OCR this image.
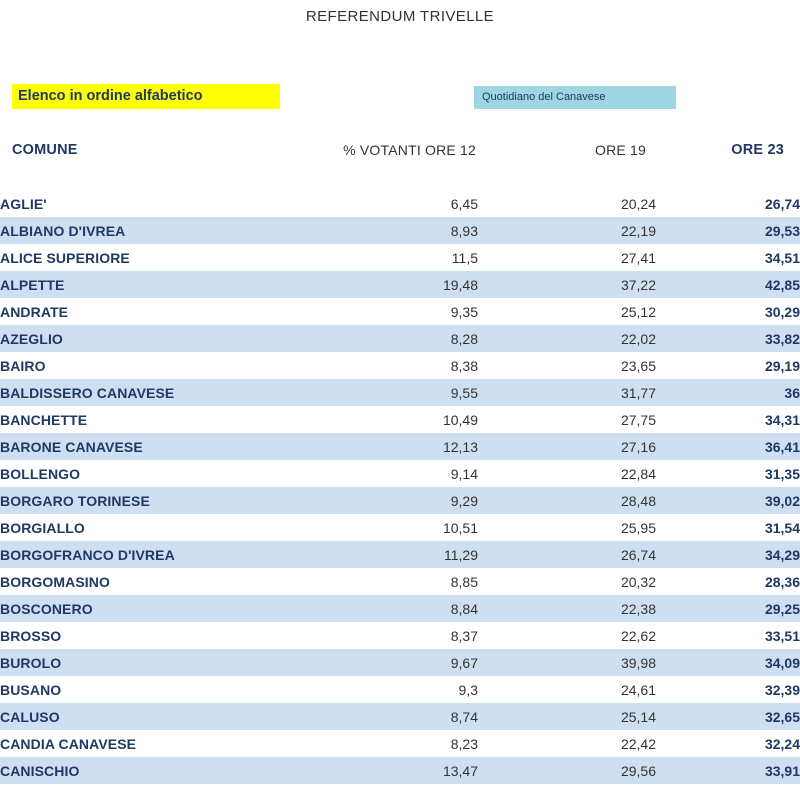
REFERENDUM TRIVELLE
Elenco in ordine alfabetico	Quotidiano del Canavese
COMUNE	% VOTANTI ORE 12	ORE 19	ORE 23

AGLIE'	6,45	20,24	26,74
ALBIANO D'IVREA	8,93	22,19	29,53
ALICE SUPERIORE	11,5	27,41	34,51
ALPETTE	19,48	37,22	42,85
ANDRATE	9,35	25,12	30,29
AZEGLIO	8,28	22,02	33,82
BAIRO	8,38	23,65	29,19
BALDISSERO CANAVESE	9,55	31,77	36
BANCHETTE	10,49	27,75	34,31
BARONE CANAVESE	12,13	27,16	36,41
BOLLENGO	9,14	22,84	31,35
BORGARO TORINESE	9,29	28,48	39,02
BORGIALLO	10,51	25,95	31,54
BORGOFRANCO D'IVREA	11,29	26,74	34,29
BORGOMASINO	8,85	20,32	28,36
BOSCONERO	8,84	22,38	29,25
BROSSO	8,37	22,62	33,51
BUROLO	9,67	39,98	34,09
BUSANO	9,3	24,61	32,39
CALUSO	8,74	25,14	32,65
CANDIA CANAVESE	8,23	22,42	32,24
CANISCHIO	13,47	29,56	33,91
